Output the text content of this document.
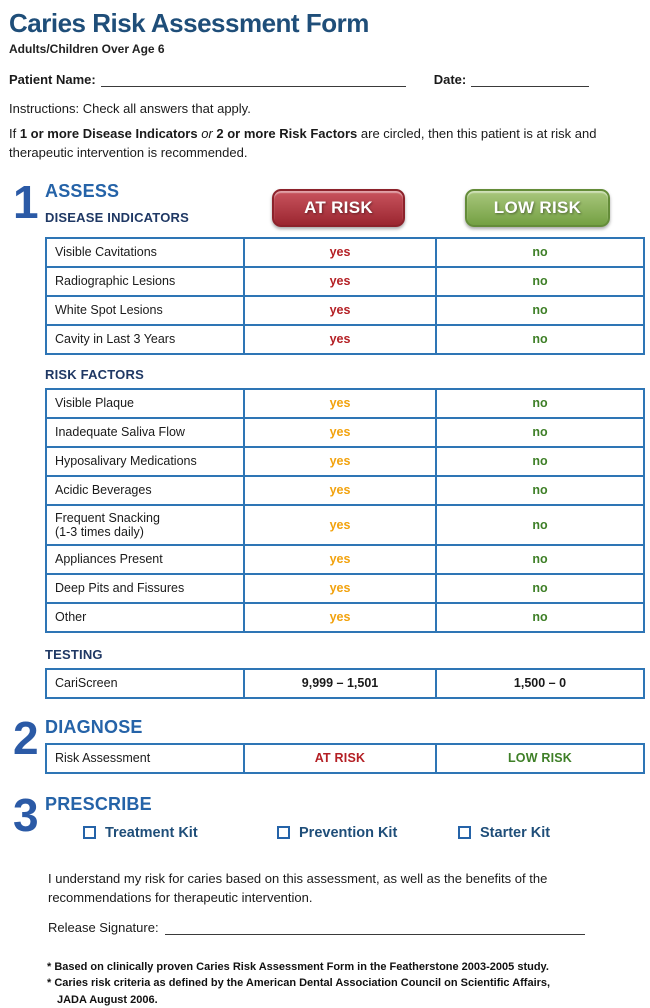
Caries Risk Assessment Form
Adults/Children Over Age 6
Patient Name:	Date:
Instructions: Check all answers that apply.
If 1 or more Disease Indicators or 2 or more Risk Factors are circled, then this patient is at risk and therapeutic intervention is recommended.
1 ASSESS
DISEASE INDICATORS
AT RISK	LOW RISK
Visible Cavitations	yes	no
Radiographic Lesions	yes	no
White Spot Lesions	yes	no
Cavity in Last 3 Years	yes	no
RISK FACTORS
Visible Plaque	yes	no
Inadequate Saliva Flow	yes	no
Hyposalivary Medications	yes	no
Acidic Beverages	yes	no

Frequent Snacking
(1-3 times daily)	yes	no
Appliances Present	yes	no
Deep Pits and Fissures	yes	no
Other	yes	no
TESTING
CariScreen	9,999 – 1,501	1,500 – 0
2 DIAGNOSE
Risk Assessment	AT RISK	LOW RISK
3 PRESCRIBE
Treatment Kit	Prevention Kit	Starter Kit
I understand my risk for caries based on this assessment, as well as the benefits of the recommendations for therapeutic intervention.
Release Signature:
* Based on clinically proven Caries Risk Assessment Form in the Featherstone 2003-2005 study.
* Caries risk criteria as defined by the American Dental Association Council on Scientific Affairs,
JADA August 2006.
